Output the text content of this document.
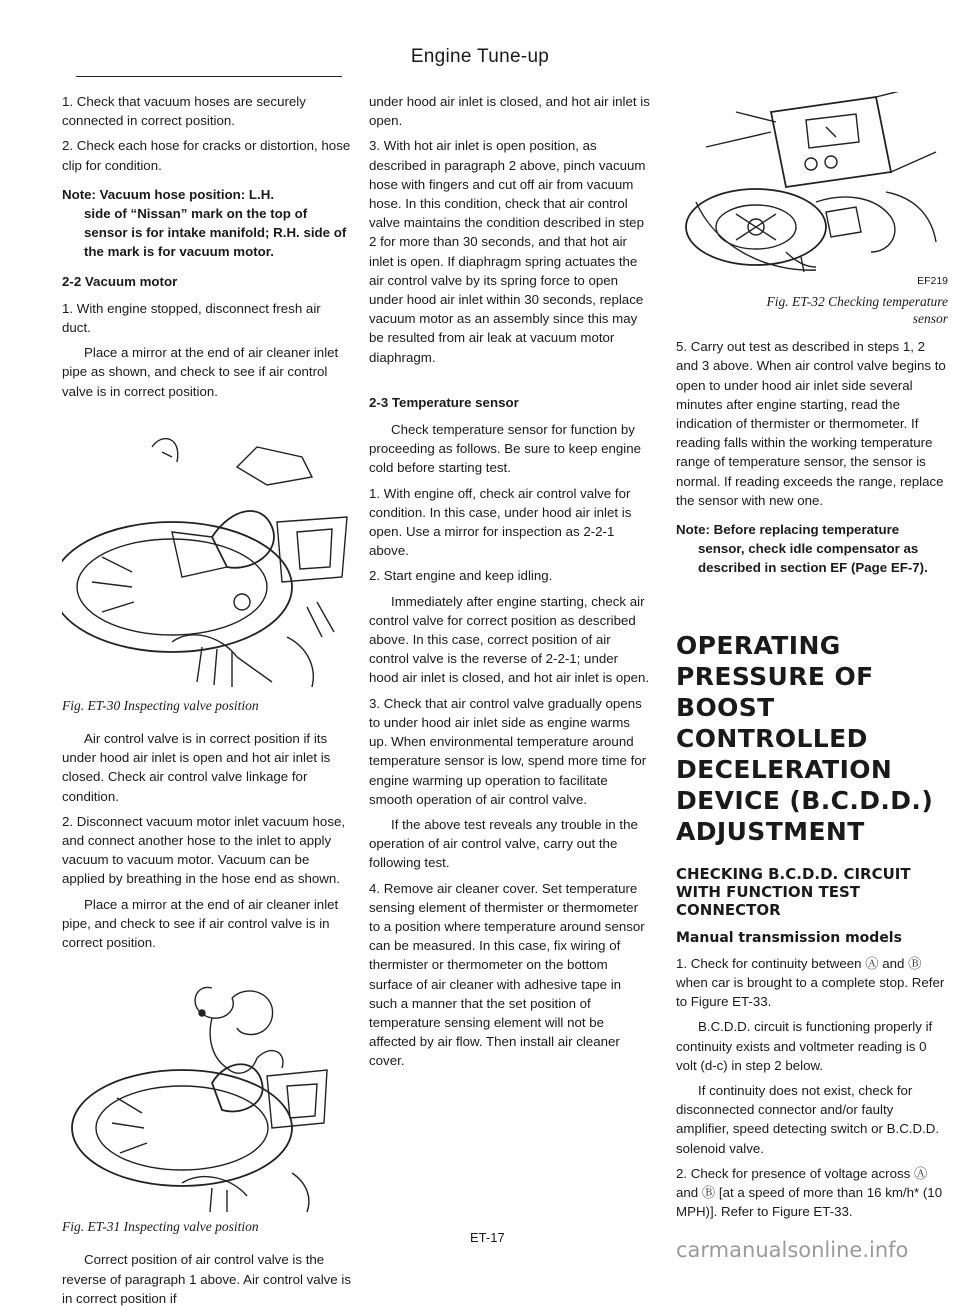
Engine Tune-up

1. Check that vacuum hoses are securely connected in correct position.

2. Check each hose for cracks or distortion, hose clip for condition.

Note: Vacuum hose position: L.H.

side of “Nissan” mark on the top of sensor is for intake manifold; R.H. side of the mark is for vacuum motor.

2-2 Vacuum motor

1. With engine stopped, disconnect fresh air duct.

Place a mirror at the end of air cleaner inlet pipe as shown, and check to see if air control valve is in correct position.

Fig. ET-30 Inspecting valve position

Air control valve is in correct position if its under hood air inlet is open and hot air inlet is closed. Check air control valve linkage for condition.

2. Disconnect vacuum motor inlet vacuum hose, and connect another hose to the inlet to apply vacuum to vacuum motor. Vacuum can be applied by breathing in the hose end as shown.

Place a mirror at the end of air cleaner inlet pipe, and check to see if air control valve is in correct position.

Fig. ET-31 Inspecting valve position

Correct position of air control valve is the reverse of paragraph 1 above. Air control valve is in correct position if

under hood air inlet is closed, and hot air inlet is open.

3. With hot air inlet is open position, as described in paragraph 2 above, pinch vacuum hose with fingers and cut off air from vacuum hose. In this condition, check that air control valve maintains the condition described in step 2 for more than 30 seconds, and that hot air inlet is open. If diaphragm spring actuates the air control valve by its spring force to open under hood air inlet within 30 seconds, replace vacuum motor as an assembly since this may be resulted from air leak at vacuum motor diaphragm.

2-3 Temperature sensor

Check temperature sensor for function by proceeding as follows. Be sure to keep engine cold before starting test.

1. With engine off, check air control valve for condition. In this case, under hood air inlet is open. Use a mirror for inspection as 2-2-1 above.

2. Start engine and keep idling.

Immediately after engine starting, check air control valve for correct position as described above. In this case, correct position of air control valve is the reverse of 2-2-1; under hood air inlet is closed, and hot air inlet is open.

3. Check that air control valve gradually opens to under hood air inlet side as engine warms up. When environmental temperature around temperature sensor is low, spend more time for engine warming up operation to facilitate smooth operation of air control valve.

If the above test reveals any trouble in the operation of air control valve, carry out the following test.

4. Remove air cleaner cover. Set temperature sensing element of thermister or thermometer to a position where temperature around sensor can be measured. In this case, fix wiring of thermister or thermometer on the bottom surface of air cleaner with adhesive tape in such a manner that the set position of temperature sensing element will not be affected by air flow. Then install air cleaner cover.

EF219

Fig. ET-32 Checking temperature
sensor

5. Carry out test as described in steps 1, 2 and 3 above. When air control valve begins to open to under hood air inlet side several minutes after engine starting, read the indication of thermister or thermometer. If reading falls within the working temperature range of temperature sensor, the sensor is normal. If reading exceeds the range, replace the sensor with new one.

Note: Before replacing temperature

sensor, check idle compensator as described in section EF (Page EF-7).

OPERATING PRESSURE OF BOOST CONTROLLED DECELERATION DEVICE (B.C.D.D.) ADJUSTMENT
CHECKING B.C.D.D. CIRCUIT WITH FUNCTION TEST CONNECTOR
Manual transmission models

1. Check for continuity between Ⓐ and Ⓑ when car is brought to a complete stop. Refer to Figure ET-33.

B.C.D.D. circuit is functioning properly if continuity exists and voltmeter reading is 0 volt (d-c) in step 2 below.

If continuity does not exist, check for disconnected connector and/or faulty amplifier, speed detecting switch or B.C.D.D. solenoid valve.

2. Check for presence of voltage across Ⓐ and Ⓑ [at a speed of more than 16 km/h* (10 MPH)]. Refer to Figure ET-33.

ET-17
carmanualsonline.info
